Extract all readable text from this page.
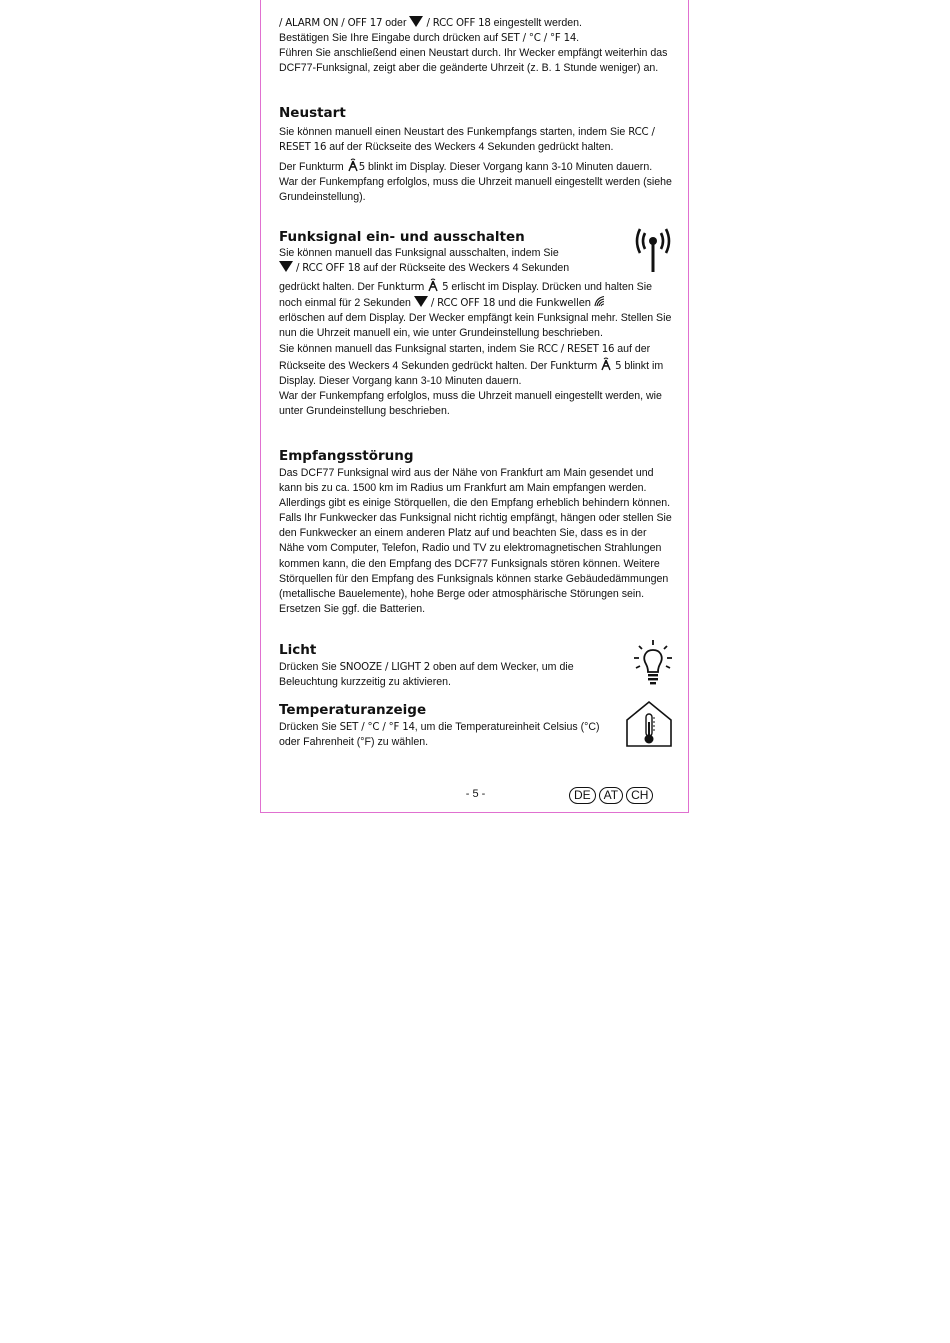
/ ALARM ON / OFF 17 oder  / RCC OFF 18 eingestellt werden.

Bestätigen Sie Ihre Eingabe durch drücken auf SET / °C / °F 14.

Führen Sie anschließend einen Neustart durch. Ihr Wecker empfängt weiterhin das DCF77-Funksignal, zeigt aber die geänderte Uhrzeit (z. B. 1 Stunde weniger) an.

Neustart

Sie können manuell einen Neustart des Funkempfangs starten, indem Sie RCC / RESET 16 auf der Rückseite des Weckers 4 Sekunden gedrückt halten.

Der Funkturm 5 blinkt im Display. Dieser Vorgang kann 3-10 Minuten dauern.

War der Funkempfang erfolglos, muss die Uhrzeit manuell eingestellt werden (siehe Grundeinstellung).

Funksignal ein- und ausschalten

Sie können manuell das Funksignal ausschalten, indem Sie

/ RCC OFF 18 auf der Rückseite des Weckers 4 Sekunden

gedrückt halten. Der Funkturm 5 erlischt im Display. Drücken und halten Sie noch einmal für 2 Sekunden  / RCC OFF 18 und die Funkwellen

erlöschen auf dem Display. Der Wecker empfängt kein Funksignal mehr. Stellen Sie nun die Uhrzeit manuell ein, wie unter Grundeinstellung beschrieben.

Sie können manuell das Funksignal starten, indem Sie RCC / RESET 16 auf der Rückseite des Weckers 4 Sekunden gedrückt halten. Der Funkturm 5 blinkt im Display. Dieser Vorgang kann 3-10 Minuten dauern.

War der Funkempfang erfolglos, muss die Uhrzeit manuell eingestellt werden, wie unter Grundeinstellung beschrieben.

Empfangsstörung

Das DCF77 Funksignal wird aus der Nähe von Frankfurt am Main gesendet und kann bis zu ca. 1500 km im Radius um Frankfurt am Main empfangen werden. Allerdings gibt es einige Störquellen, die den Empfang erheblich behindern können. Falls Ihr Funkwecker das Funksignal nicht richtig empfängt, hängen oder stellen Sie den Funkwecker an einem anderen Platz auf und beachten Sie, dass es in der Nähe vom Computer, Telefon, Radio und TV zu elektromagnetischen Strahlungen kommen kann, die den Empfang des DCF77 Funksignals stören können. Weitere Störquellen für den Empfang des Funksignals können starke Gebäudedämmungen (metallische Bauelemente), hohe Berge oder atmosphärische Störungen sein. Ersetzen Sie ggf. die Batterien.

Licht

Drücken Sie SNOOZE / LIGHT 2 oben auf dem Wecker, um die Beleuchtung kurzzeitig zu aktivieren.

Temperaturanzeige

Drücken Sie SET / °C / °F 14, um die Temperatureinheit Celsius (°C) oder Fahrenheit (°F) zu wählen.

- 5 -	DE AT CH
